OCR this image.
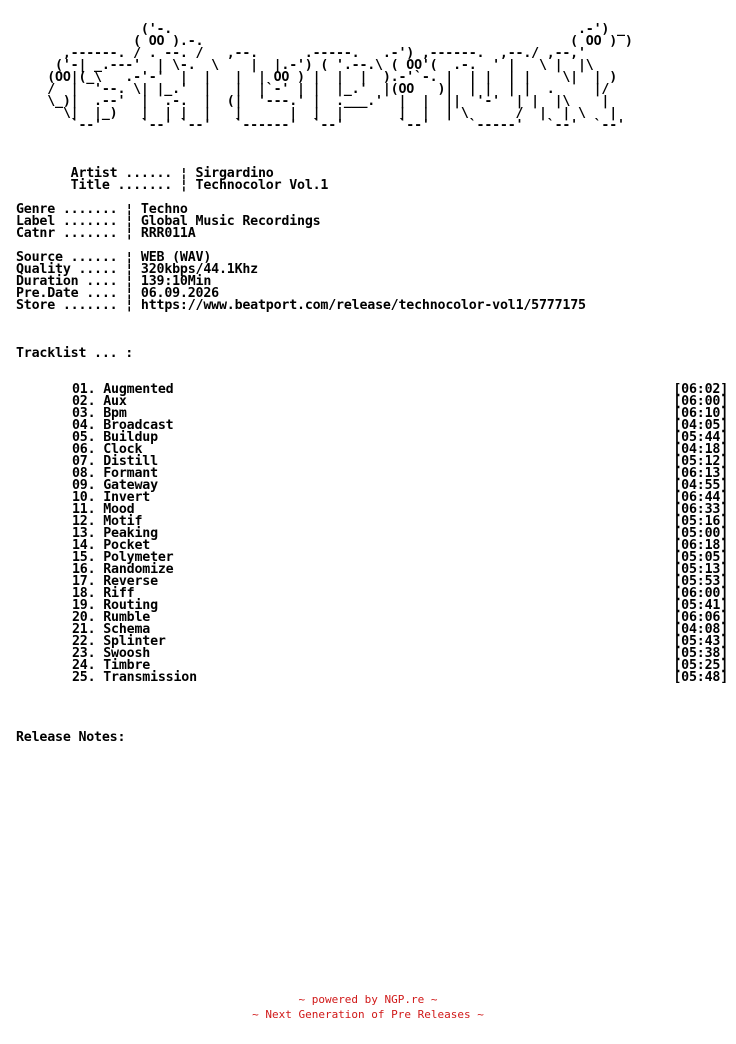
('-.                                                    .-') _
( OO ).-.                                               ( OO ) )
,------. / . --. /   ,--.      .-----.   .-') ,------.  ,--./ ,--,'
('-| _.---'  | \-.  \    |  |.-') ( '.--.\ ( OO'(  .-.  ' |   \ |  |\
(OO|(_\   .-'-'  |  |   |  | OO ) |  |  |  ).-'`-. |  | |  | |    \|  | )
/  |  '--. \| |_.'  |   |  |`-' | |  |_.'  |(OO   )|  | |  | |  .     |/
\_)|  .--'  |  .-.  |  (|  '---.' |  .___.'  |  |  ||  '-'  | |  |\    |
\|  |_)   |  | |  |   |      |  |  |       |  |  | \      /  |  | \   |
`--'     `--' `--'   `------'  `--'       `--'     `-----'   `--'  `--'
Artist ...... ¦ Sirgardino
Title ....... ¦ Technocolor Vol.1

Genre ....... ¦ Techno
Label ....... ¦ Global Music Recordings
Catnr ....... ¦ RRR011A

Source ...... ¦ WEB (WAV)
Quality ..... ¦ 320kbps/44.1Khz
Duration .... ¦ 139:10Min
Pre.Date .... ¦ 06.09.2026
Store ....... ¦ https://www.beatport.com/release/technocolor-vol1/5777175
Tracklist ... :
01. Augmented	[06:02]
02. Aux	[06:00]
03. Bpm	[06:10]
04. Broadcast	[04:05]
05. Buildup	[05:44]
06. Clock	[04:18]
07. Distill	[05:12]
08. Formant	[06:13]
09. Gateway	[04:55]
10. Invert	[06:44]
11. Mood	[06:33]
12. Motif	[05:16]
13. Peaking	[05:00]
14. Pocket	[06:18]
15. Polymeter	[05:05]
16. Randomize	[05:13]
17. Reverse	[05:53]
18. Riff	[06:00]
19. Routing	[05:41]
20. Rumble	[06:06]
21. Schema	[04:08]
22. Splinter	[05:43]
23. Swoosh	[05:38]
24. Timbre	[05:25]
25. Transmission	[05:48]
Release Notes:
~ powered by NGP.re ~
~ Next Generation of Pre Releases ~
